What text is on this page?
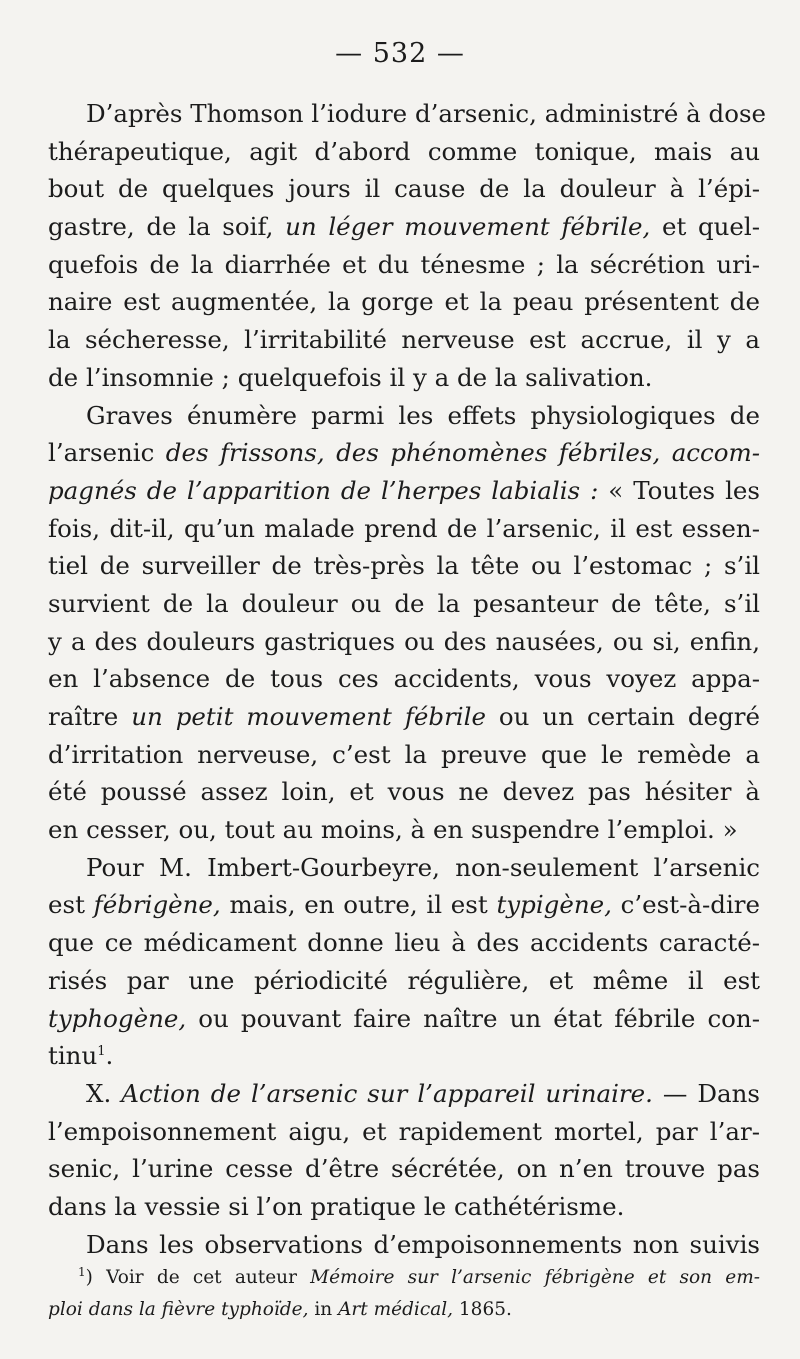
— 532 —
D’après Thomson l’iodure d’arsenic, administré à dose
thérapeutique, agit d’abord comme tonique, mais au
bout de quelques jours il cause de la douleur à l’épi-
gastre, de la soif, un léger mouvement fébrile, et quel-
quefois de la diarrhée et du ténesme ; la sécrétion uri-
naire est augmentée, la gorge et la peau présentent de
la sécheresse, l’irritabilité nerveuse est accrue, il y a
de l’insomnie ; quelquefois il y a de la salivation.
Graves énumère parmi les effets physiologiques de
l’arsenic des frissons, des phénomènes fébriles, accom-
pagnés de l’apparition de l’herpes labialis : « Toutes les
fois, dit-il, qu’un malade prend de l’arsenic, il est essen-
tiel de surveiller de très-près la tête ou l’estomac ; s’il
survient de la douleur ou de la pesanteur de tête, s’il
y a des douleurs gastriques ou des nausées, ou si, enfin,
en l’absence de tous ces accidents, vous voyez appa-
raître un petit mouvement fébrile ou un certain degré
d’irritation nerveuse, c’est la preuve que le remède a
été poussé assez loin, et vous ne devez pas hésiter à
en cesser, ou, tout au moins, à en suspendre l’emploi. »
Pour M. Imbert-Gourbeyre, non-seulement l’arsenic
est fébrigène, mais, en outre, il est typigène, c’est-à-dire
que ce médicament donne lieu à des accidents caracté-
risés par une périodicité régulière, et même il est
typhogène, ou pouvant faire naître un état fébrile con-
tinu$^1$.
X. Action de l’arsenic sur l’appareil urinaire. — Dans
l’empoisonnement aigu, et rapidement mortel, par l’ar-
senic, l’urine cesse d’être sécrétée, on n’en trouve pas
dans la vessie si l’on pratique le cathétérisme.
Dans les observations d’empoisonnements non suivis
$^1$) Voir de cet auteur Mémoire sur l’arsenic fébrigène et son em-
ploi dans la fièvre typhoïde, in Art médical, 1865.
